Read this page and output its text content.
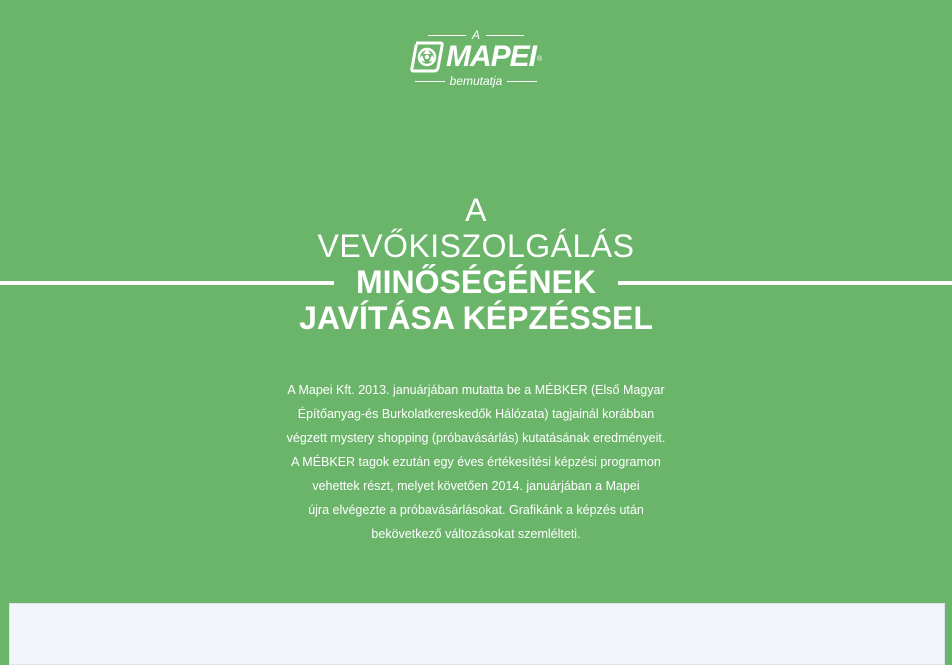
A
MAPEI ®
bemutatja
A
VEVŐKISZOLGÁLÁS
MINŐSÉGÉNEK
JAVÍTÁSA KÉPZÉSSEL

A Mapei Kft. 2013. januárjában mutatta be a MÉBKER (Első Magyar

Építőanyag-és Burkolatkereskedők Hálózata) tagjainál korábban

végzett mystery shopping (próbavásárlás) kutatásának eredményeit.

A MÉBKER tagok ezután egy éves értékesítési képzési programon

vehettek részt, melyet követően 2014. januárjában a Mapei

újra elvégezte a próbavásárlásokat. Grafikánk a képzés után

bekövetkező változásokat szemlélteti.
